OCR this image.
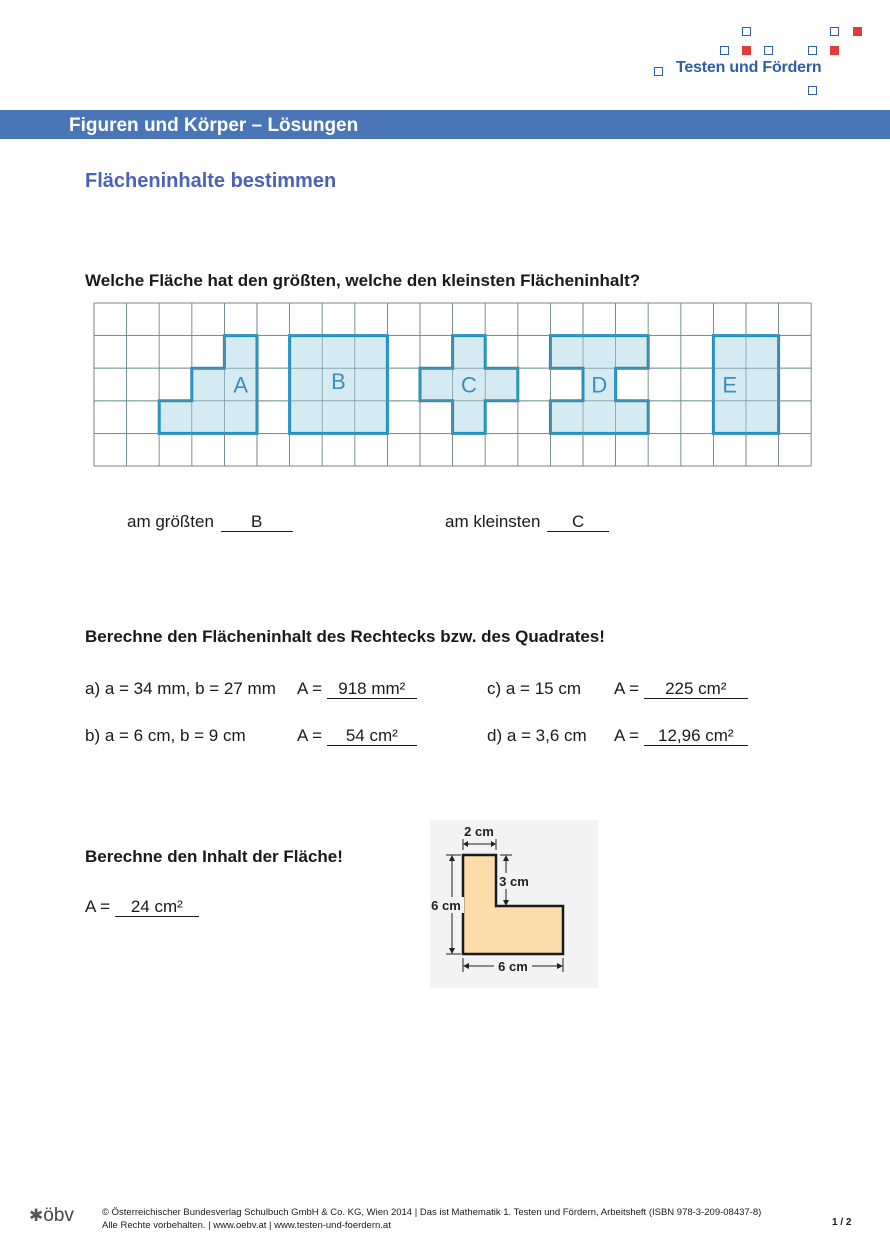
Testen und Fördern
Figuren und Körper – Lösungen
Flächeninhalte bestimmen
Welche Fläche hat den größten, welche den kleinsten Flächeninhalt?
A	B	C	D	E
am größten B	am kleinsten C
Berechne den Flächeninhalt des Rechtecks bzw. des Quadrates!
a) a = 34 mm, b = 27 mm A = 918 mm²	c) a = 15 cm A = 225 cm²
b) a = 6 cm, b = 9 cm	A = 54 cm²	d) a = 3,6 cm A = 12,96 cm²
Berechne den Inhalt der Fläche!
A = 24 cm²
2 cm
3 cm
6 cm
6 cm
✱öbv	© Österreichischer Bundesverlag Schulbuch GmbH & Co. KG, Wien 2014 | Das ist Mathematik 1. Testen und Fördern, Arbeitsheft (ISBN 978-3-209-08437-8)
Alle Rechte vorbehalten. | www.oebv.at | www.testen-und-foerdern.at	1 / 2
